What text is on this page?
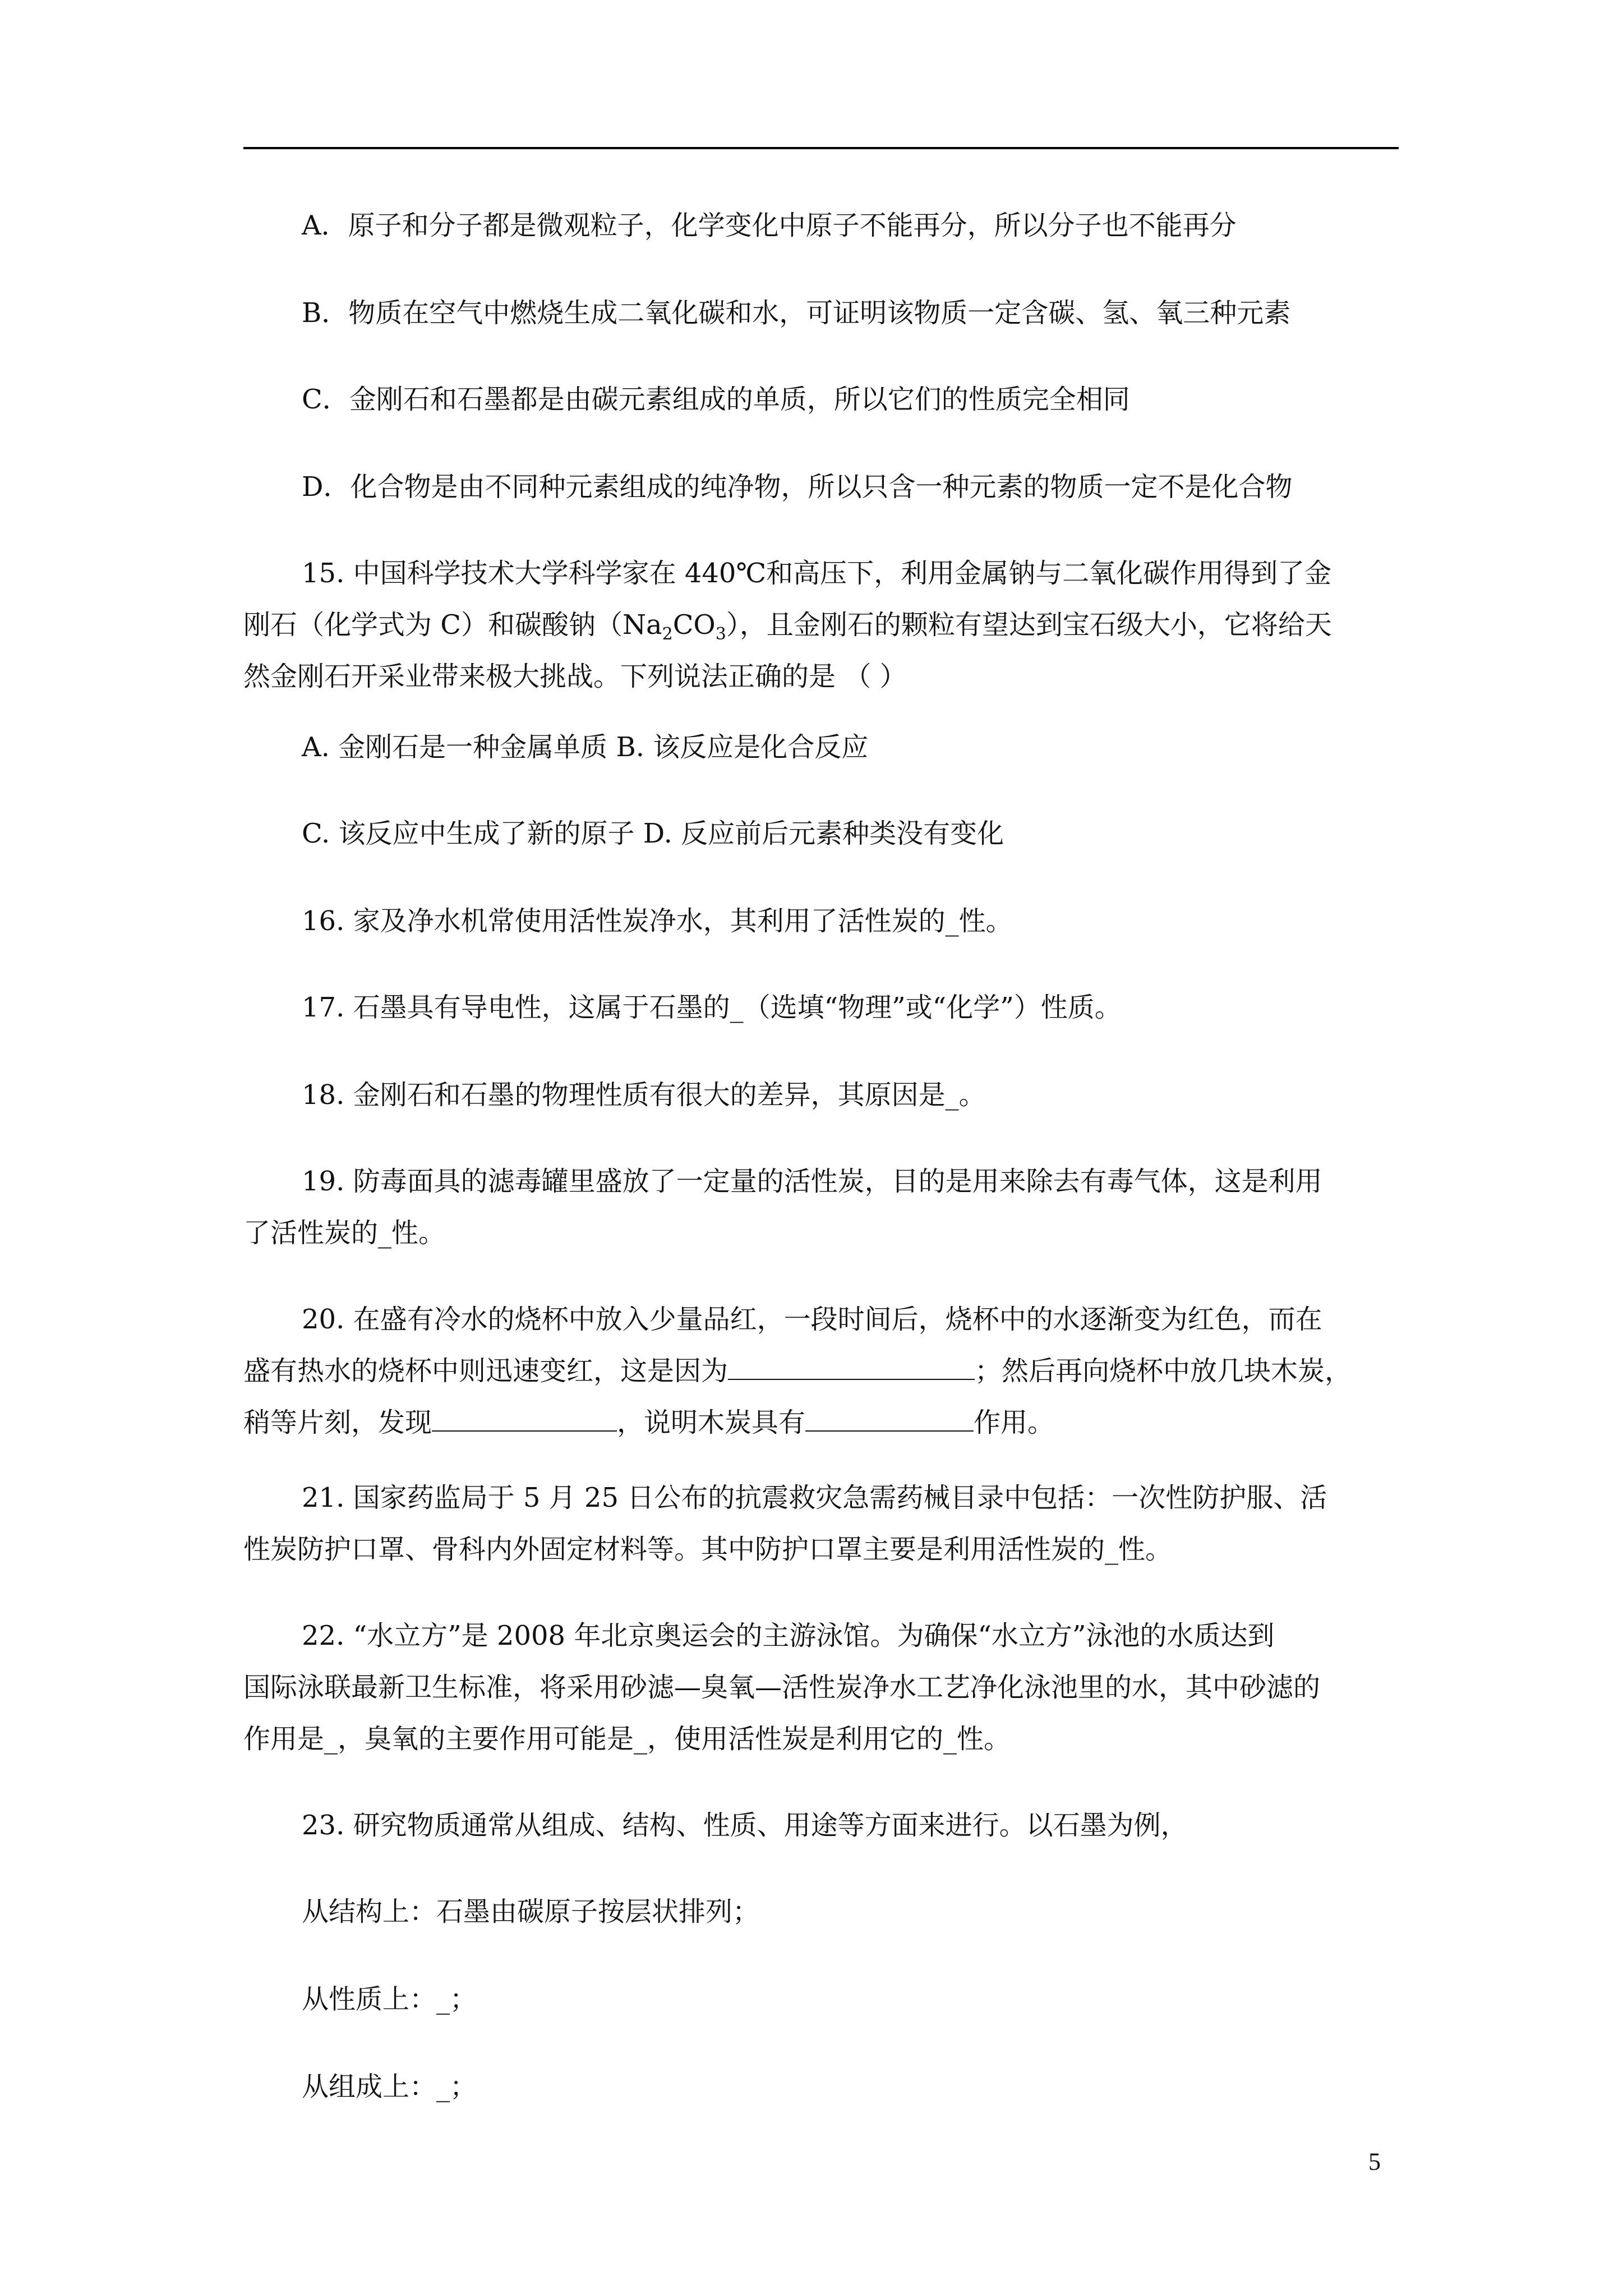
A．原子和分子都是微观粒子，化学变化中原子不能再分，所以分子也不能再分
B．物质在空气中燃烧生成二氧化碳和水，可证明该物质一定含碳、氢、氧三种元素
C．金刚石和石墨都是由碳元素组成的单质，所以它们的性质完全相同
D．化合物是由不同种元素组成的纯净物，所以只含一种元素的物质一定不是化合物
15. 中国科学技术大学科学家在 440℃和高压下，利用金属钠与二氧化碳作用得到了金
刚石（化学式为 C）和碳酸钠$(Na_2CO_3)$，且金刚石的颗粒有望达到宝石级大小，它将给天
然金刚石开采业带来极大挑战。下列说法正确的是 （ ）
A. 金刚石是一种金属单质 B. 该反应是化合反应
C. 该反应中生成了新的原子 D. 反应前后元素种类没有变化
16. 家及净水机常使用活性炭净水，其利用了活性炭的_性。
17. 石墨具有导电性，这属于石墨的_（选填“物理”或“化学”）性质。
18. 金刚石和石墨的物理性质有很大的差异，其原因是_。
19. 防毒面具的滤毒罐里盛放了一定量的活性炭，目的是用来除去有毒气体，这是利用
了活性炭的_性。
20. 在盛有冷水的烧杯中放入少量品红，一段时间后，烧杯中的水逐渐变为红色，而在
盛有热水的烧杯中则迅速变红，这是因为	；然后再向烧杯中放几块木炭，
稍等片刻，发现	，说明木炭具有	作用。
21. 国家药监局于 5 月 25 日公布的抗震救灾急需药械目录中包括：一次性防护服、活
性炭防护口罩、骨科内外固定材料等。其中防护口罩主要是利用活性炭的_性。
22. “水立方”是 2008 年北京奥运会的主游泳馆。为确保“水立方”泳池的水质达到
国际泳联最新卫生标准，将采用砂滤—臭氧—活性炭净水工艺净化泳池里的水，其中砂滤的
作用是_，臭氧的主要作用可能是_，使用活性炭是利用它的_性。
23. 研究物质通常从组成、结构、性质、用途等方面来进行。以石墨为例，
从结构上：石墨由碳原子按层状排列；
从性质上：_；
从组成上：_；
5
